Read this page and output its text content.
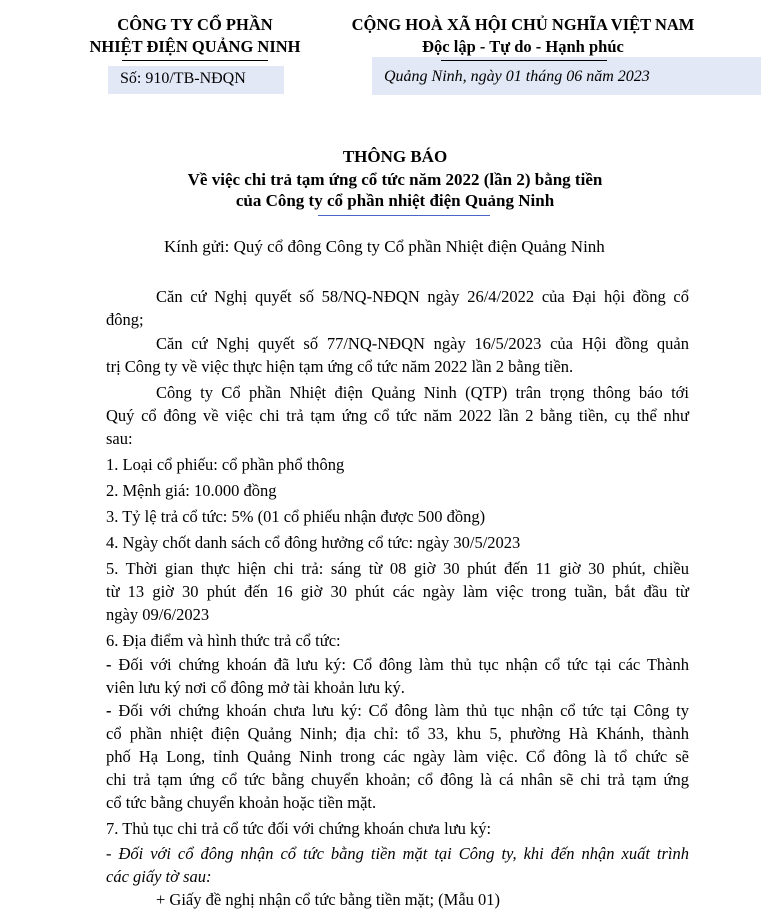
CÔNG TY CỔ PHẦN
NHIỆT ĐIỆN QUẢNG NINH
Số: 910/TB-NĐQN
CỘNG HOÀ XÃ HỘI CHỦ NGHĨA VIỆT NAM
Độc lập - Tự do - Hạnh phúc
Quảng Ninh, ngày 01 tháng 06 năm 2023
THÔNG BÁO
Về việc chi trả tạm ứng cổ tức năm 2022 (lần 2) bằng tiền
của Công ty cổ phần nhiệt điện Quảng Ninh
Kính gửi: Quý cổ đông Công ty Cổ phần Nhiệt điện Quảng Ninh
Căn cứ Nghị quyết số 58/NQ-NĐQN ngày 26/4/2022 của Đại hội đồng cổ
đông;
Căn cứ Nghị quyết số 77/NQ-NĐQN ngày 16/5/2023 của Hội đồng quản
trị Công ty về việc thực hiện tạm ứng cổ tức năm 2022 lần 2 bằng tiền.
Công ty Cổ phần Nhiệt điện Quảng Ninh (QTP) trân trọng thông báo tới
Quý cổ đông về việc chi trả tạm ứng cổ tức năm 2022 lần 2 bằng tiền, cụ thể như
sau:
1. Loại cổ phiếu: cổ phần phổ thông
2. Mệnh giá: 10.000 đồng
3. Tỷ lệ trả cổ tức: 5% (01 cổ phiếu nhận được 500 đồng)
4. Ngày chốt danh sách cổ đông hưởng cổ tức: ngày 30/5/2023
5. Thời gian thực hiện chi trả: sáng từ 08 giờ 30 phút đến 11 giờ 30 phút, chiều
từ 13 giờ 30 phút đến 16 giờ 30 phút các ngày làm việc trong tuần, bắt đầu từ
ngày 09/6/2023
6. Địa điểm và hình thức trả cổ tức:
- Đối với chứng khoán đã lưu ký: Cổ đông làm thủ tục nhận cổ tức tại các Thành
viên lưu ký nơi cổ đông mở tài khoản lưu ký.
- Đối với chứng khoán chưa lưu ký: Cổ đông làm thủ tục nhận cổ tức tại Công ty
cổ phần nhiệt điện Quảng Ninh; địa chỉ: tổ 33, khu 5, phường Hà Khánh, thành
phố Hạ Long, tỉnh Quảng Ninh trong các ngày làm việc. Cổ đông là tổ chức sẽ
chi trả tạm ứng cổ tức bằng chuyển khoản; cổ đông là cá nhân sẽ chi trả tạm ứng
cổ tức bằng chuyển khoản hoặc tiền mặt.
7. Thủ tục chi trả cổ tức đối với chứng khoán chưa lưu ký:
- Đối với cổ đông nhận cổ tức bằng tiền mặt tại Công ty, khi đến nhận xuất trình
các giấy tờ sau:
+ Giấy đề nghị nhận cổ tức bằng tiền mặt; (Mẫu 01)
